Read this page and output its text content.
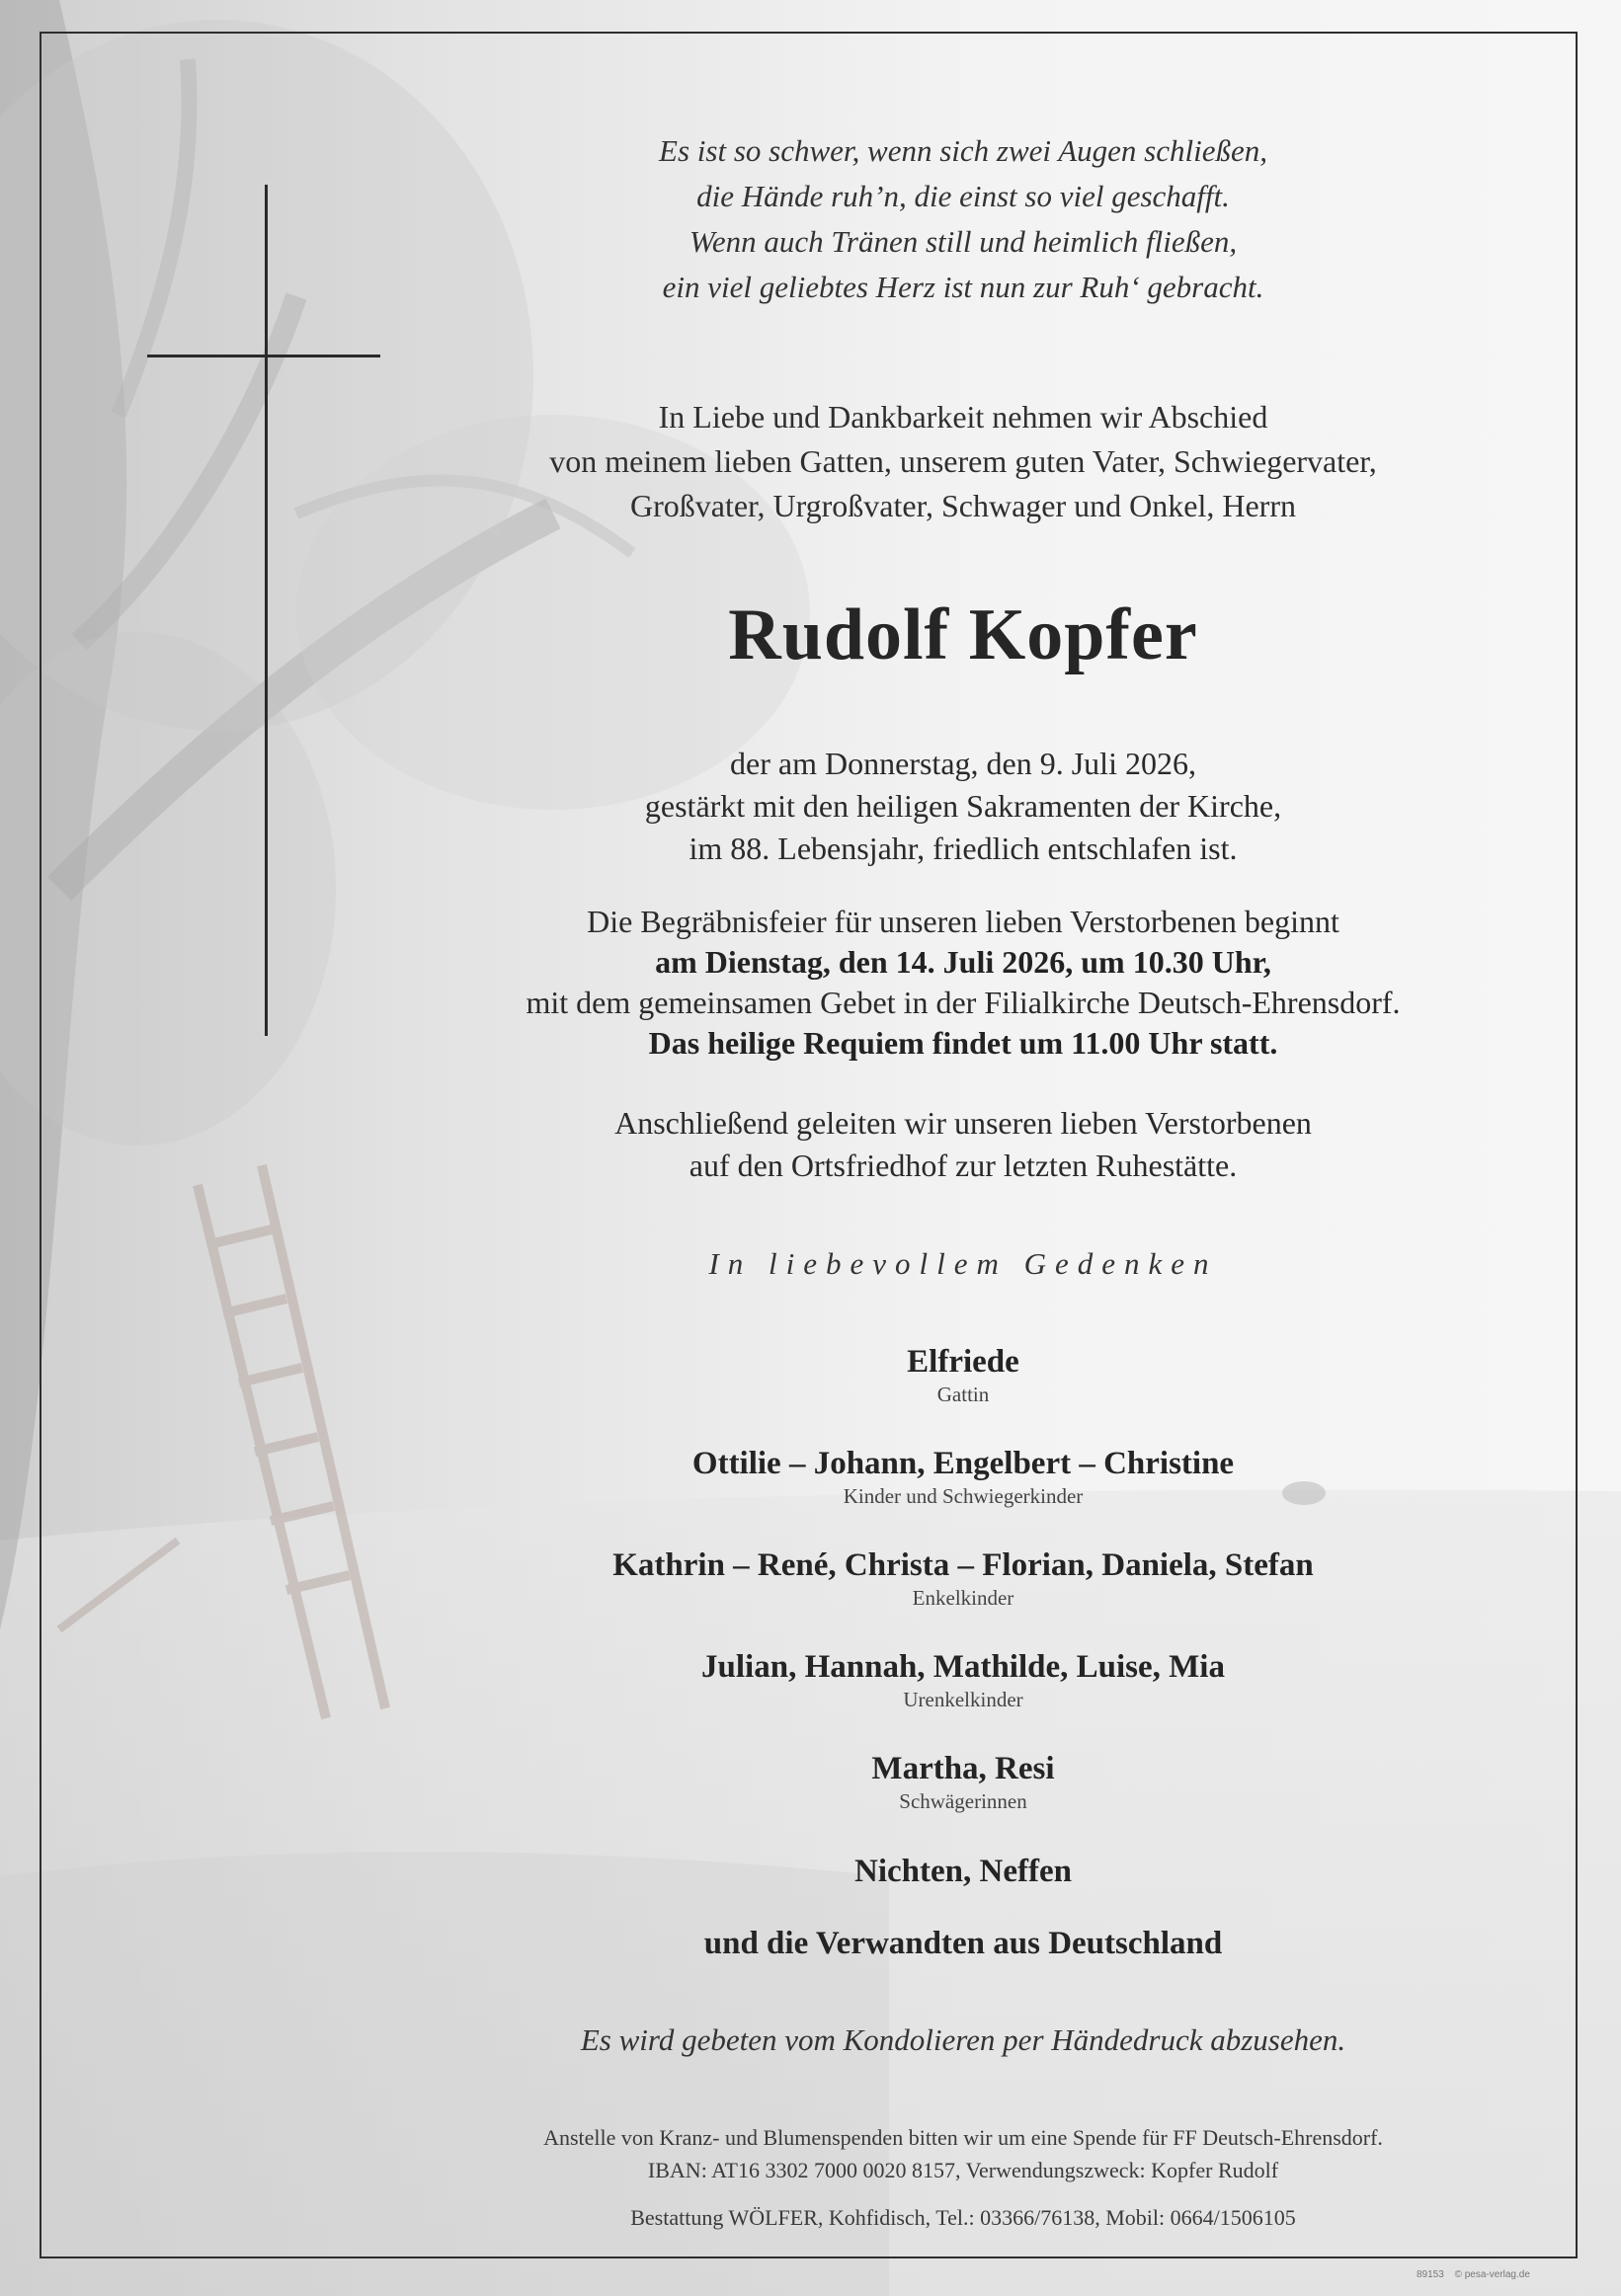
Es ist so schwer, wenn sich zwei Augen schließen,
die Hände ruh’n, die einst so viel geschafft.
Wenn auch Tränen still und heimlich fließen,
ein viel geliebtes Herz ist nun zur Ruh‘ gebracht.
In Liebe und Dankbarkeit nehmen wir Abschied
von meinem lieben Gatten, unserem guten Vater, Schwiegervater,
Großvater, Urgroßvater, Schwager und Onkel, Herrn
Rudolf Kopfer
der am Donnerstag, den 9. Juli 2026,
gestärkt mit den heiligen Sakramenten der Kirche,
im 88. Lebensjahr, friedlich entschlafen ist.
Die Begräbnisfeier für unseren lieben Verstorbenen beginnt
am Dienstag, den 14. Juli 2026, um 10.30 Uhr,
mit dem gemeinsamen Gebet in der Filialkirche Deutsch-Ehrensdorf.
Das heilige Requiem findet um 11.00 Uhr statt.
Anschließend geleiten wir unseren lieben Verstorbenen
auf den Ortsfriedhof zur letzten Ruhestätte.
In liebevollem Gedenken
Elfriede
Gattin
Ottilie – Johann, Engelbert – Christine
Kinder und Schwiegerkinder
Kathrin – René, Christa – Florian, Daniela, Stefan
Enkelkinder
Julian, Hannah, Mathilde, Luise, Mia
Urenkelkinder
Martha, Resi
Schwägerinnen
Nichten, Neffen
und die Verwandten aus Deutschland
Es wird gebeten vom Kondolieren per Händedruck abzusehen.
Anstelle von Kranz- und Blumenspenden bitten wir um eine Spende für FF Deutsch-Ehrensdorf.
IBAN: AT16 3302 7000 0020 8157, Verwendungszweck: Kopfer Rudolf
Bestattung WÖLFER, Kohfidisch, Tel.: 03366/76138, Mobil: 0664/1506105
89153 © pesa-verlag.de
